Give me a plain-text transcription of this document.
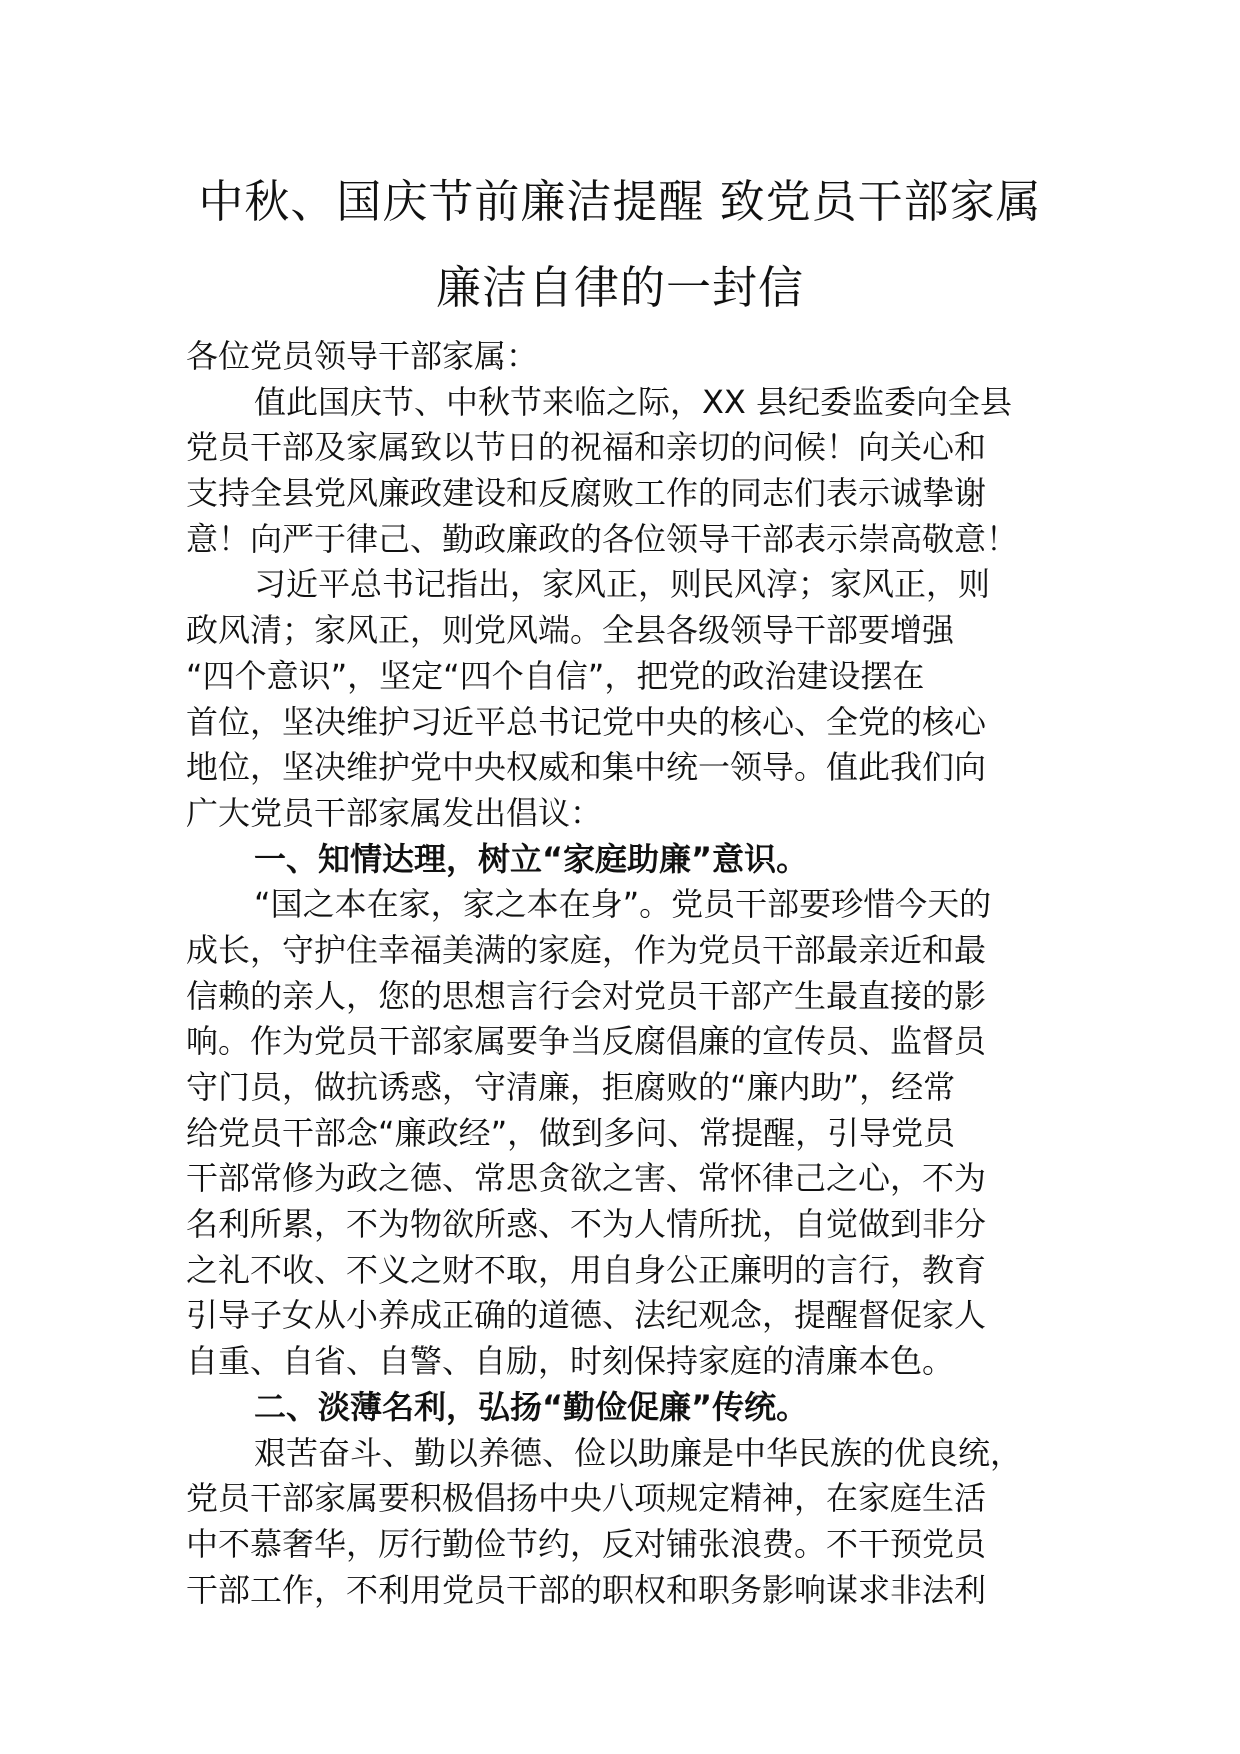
中秋、国庆节前廉洁提醒 致党员干部家属
廉洁自律的一封信
各位党员领导干部家属：
值此国庆节、中秋节来临之际，XX 县纪委监委向全县
党员干部及家属致以节日的祝福和亲切的问候！向关心和
支持全县党风廉政建设和反腐败工作的同志们表示诚挚谢
意！向严于律己、勤政廉政的各位领导干部表示崇高敬意！
习近平总书记指出，家风正，则民风淳；家风正，则
政风清；家风正，则党风端。全县各级领导干部要增强
“四个意识”，坚定“四个自信”，把党的政治建设摆在
首位，坚决维护习近平总书记党中央的核心、全党的核心
地位，坚决维护党中央权威和集中统一领导。值此我们向
广大党员干部家属发出倡议：
一、知情达理，树立“家庭助廉”意识。
“国之本在家，家之本在身”。党员干部要珍惜今天的
成长，守护住幸福美满的家庭，作为党员干部最亲近和最
信赖的亲人，您的思想言行会对党员干部产生最直接的影
响。作为党员干部家属要争当反腐倡廉的宣传员、监督员
守门员，做抗诱惑，守清廉，拒腐败的“廉内助”，经常
给党员干部念“廉政经”，做到多问、常提醒，引导党员
干部常修为政之德、常思贪欲之害、常怀律己之心，不为
名利所累，不为物欲所惑、不为人情所扰，自觉做到非分
之礼不收、不义之财不取，用自身公正廉明的言行，教育
引导子女从小养成正确的道德、法纪观念，提醒督促家人
自重、自省、自警、自励，时刻保持家庭的清廉本色。
二、淡薄名利，弘扬“勤俭促廉”传统。
艰苦奋斗、勤以养德、俭以助廉是中华民族的优良统，
党员干部家属要积极倡扬中央八项规定精神，在家庭生活
中不慕奢华，厉行勤俭节约，反对铺张浪费。不干预党员
干部工作，不利用党员干部的职权和职务影响谋求非法利
